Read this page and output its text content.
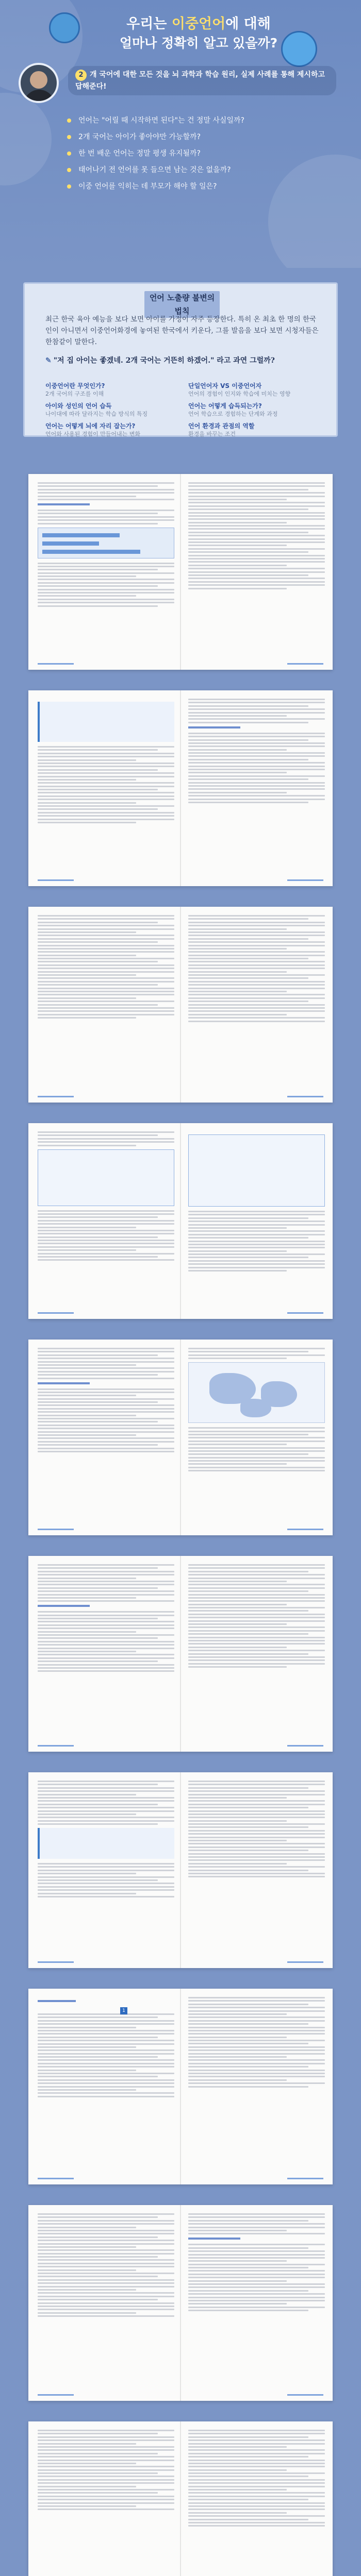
우리는 이중언어에 대해
얼마나 정확히 알고 있을까?
2 개 국어에 대한 모든 것을 뇌 과학과 학습 원리, 실제 사례를 통해 제시하고 답해준다!
언어는 "어릴 때 시작하면 된다"는 건 정말 사실일까?
2개 국어는 아이가 좋아야만 가능할까?
한 번 배운 언어는 정말 평생 유지될까?
태어나기 전 언어를 못 들으면 남는 것은 없을까?
이중 언어를 익히는 데 부모가 해야 할 일은?
언어 노출량 불변의 법칙

최근 한국 육아 예능을 보다 보면 아이를 가정이 자주 등장한다. 특히 온 최초 한 명의 한국인이 아니면서 이중언어화경에 놓여된 한국에서 키운다, 그를 발음을 보다 보면 시청자들은 한참같이 말한다.

✎ "저 집 아이는 좋겠네. 2개 국어는 거뜬히 하겠어." 라고 과연 그럴까?

이중언어란 무엇인가?
2개 국어의 구조를 이해
단일언어자 VS 이중언어자
언어의 경험이 인지와 학습에 미치는 영향
아이와 성인의 언어 습득
나이대에 따라 달라지는 학습 방식의 특징
언어는 어떻게 습득되는가?
언어 학습으로 경험하는 단계와 과정
언어는 어떻게 뇌에 자리 잡는가?
언어와 사용된 경험이 만들어내는 변화
언어 환경과 관점의 역할
환경을 바꾸는 조건
1
